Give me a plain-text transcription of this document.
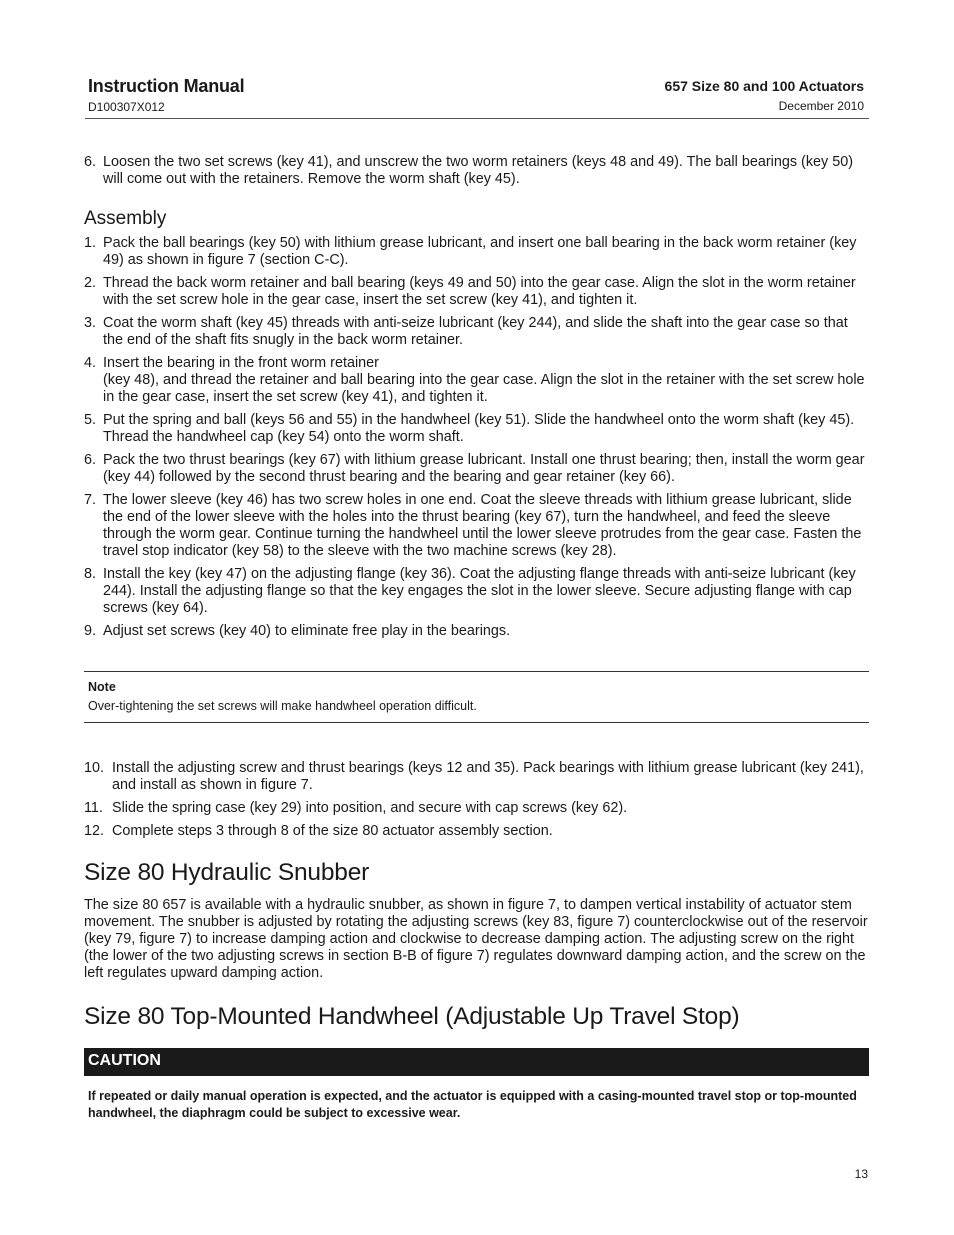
Instruction Manual
D100307X012
657 Size 80 and 100 Actuators
December 2010
6. Loosen the two set screws (key 41), and unscrew the two worm retainers (keys 48 and 49). The ball bearings (key 50) will come out with the retainers. Remove the worm shaft (key 45).
Assembly
1. Pack the ball bearings (key 50) with lithium grease lubricant, and insert one ball bearing in the back worm retainer (key 49) as shown in figure 7 (section C-C).
2. Thread the back worm retainer and ball bearing (keys 49 and 50) into the gear case. Align the slot in the worm retainer with the set screw hole in the gear case, insert the set screw (key 41), and tighten it.
3. Coat the worm shaft (key 45) threads with anti-seize lubricant (key 244), and slide the shaft into the gear case so that the end of the shaft fits snugly in the back worm retainer.
4. Insert the bearing in the front worm retainer
(key 48), and thread the retainer and ball bearing into the gear case. Align the slot in the retainer with the set screw hole in the gear case, insert the set screw (key 41), and tighten it.
5. Put the spring and ball (keys 56 and 55) in the handwheel (key 51). Slide the handwheel onto the worm shaft (key 45). Thread the handwheel cap (key 54) onto the worm shaft.
6. Pack the two thrust bearings (key 67) with lithium grease lubricant. Install one thrust bearing; then, install the worm gear (key 44) followed by the second thrust bearing and the bearing and gear retainer (key 66).
7. The lower sleeve (key 46) has two screw holes in one end. Coat the sleeve threads with lithium grease lubricant, slide the end of the lower sleeve with the holes into the thrust bearing (key 67), turn the handwheel, and feed the sleeve through the worm gear. Continue turning the handwheel until the lower sleeve protrudes from the gear case. Fasten the travel stop indicator (key 58) to the sleeve with the two machine screws (key 28).
8. Install the key (key 47) on the adjusting flange (key 36). Coat the adjusting flange threads with anti-seize lubricant (key 244). Install the adjusting flange so that the key engages the slot in the lower sleeve. Secure adjusting flange with cap screws (key 64).
9. Adjust set screws (key 40) to eliminate free play in the bearings.
Note
Over-tightening the set screws will make handwheel operation difficult.
10. Install the adjusting screw and thrust bearings (keys 12 and 35). Pack bearings with lithium grease lubricant (key 241), and install as shown in figure 7.
11. Slide the spring case (key 29) into position, and secure with cap screws (key 62).
12. Complete steps 3 through 8 of the size 80 actuator assembly section.
Size 80 Hydraulic Snubber

The size 80 657 is available with a hydraulic snubber, as shown in figure 7, to dampen vertical instability of actuator stem movement. The snubber is adjusted by rotating the adjusting screws (key 83, figure 7) counterclockwise out of the reservoir (key 79, figure 7) to increase damping action and clockwise to decrease damping action. The adjusting screw on the right (the lower of the two adjusting screws in section B-B of figure 7) regulates downward damping action, and the screw on the left regulates upward damping action.

Size 80 Top-Mounted Handwheel (Adjustable Up Travel Stop)
CAUTION

If repeated or daily manual operation is expected, and the actuator is equipped with a casing-mounted travel stop or top-mounted handwheel, the diaphragm could be subject to excessive wear.

13
